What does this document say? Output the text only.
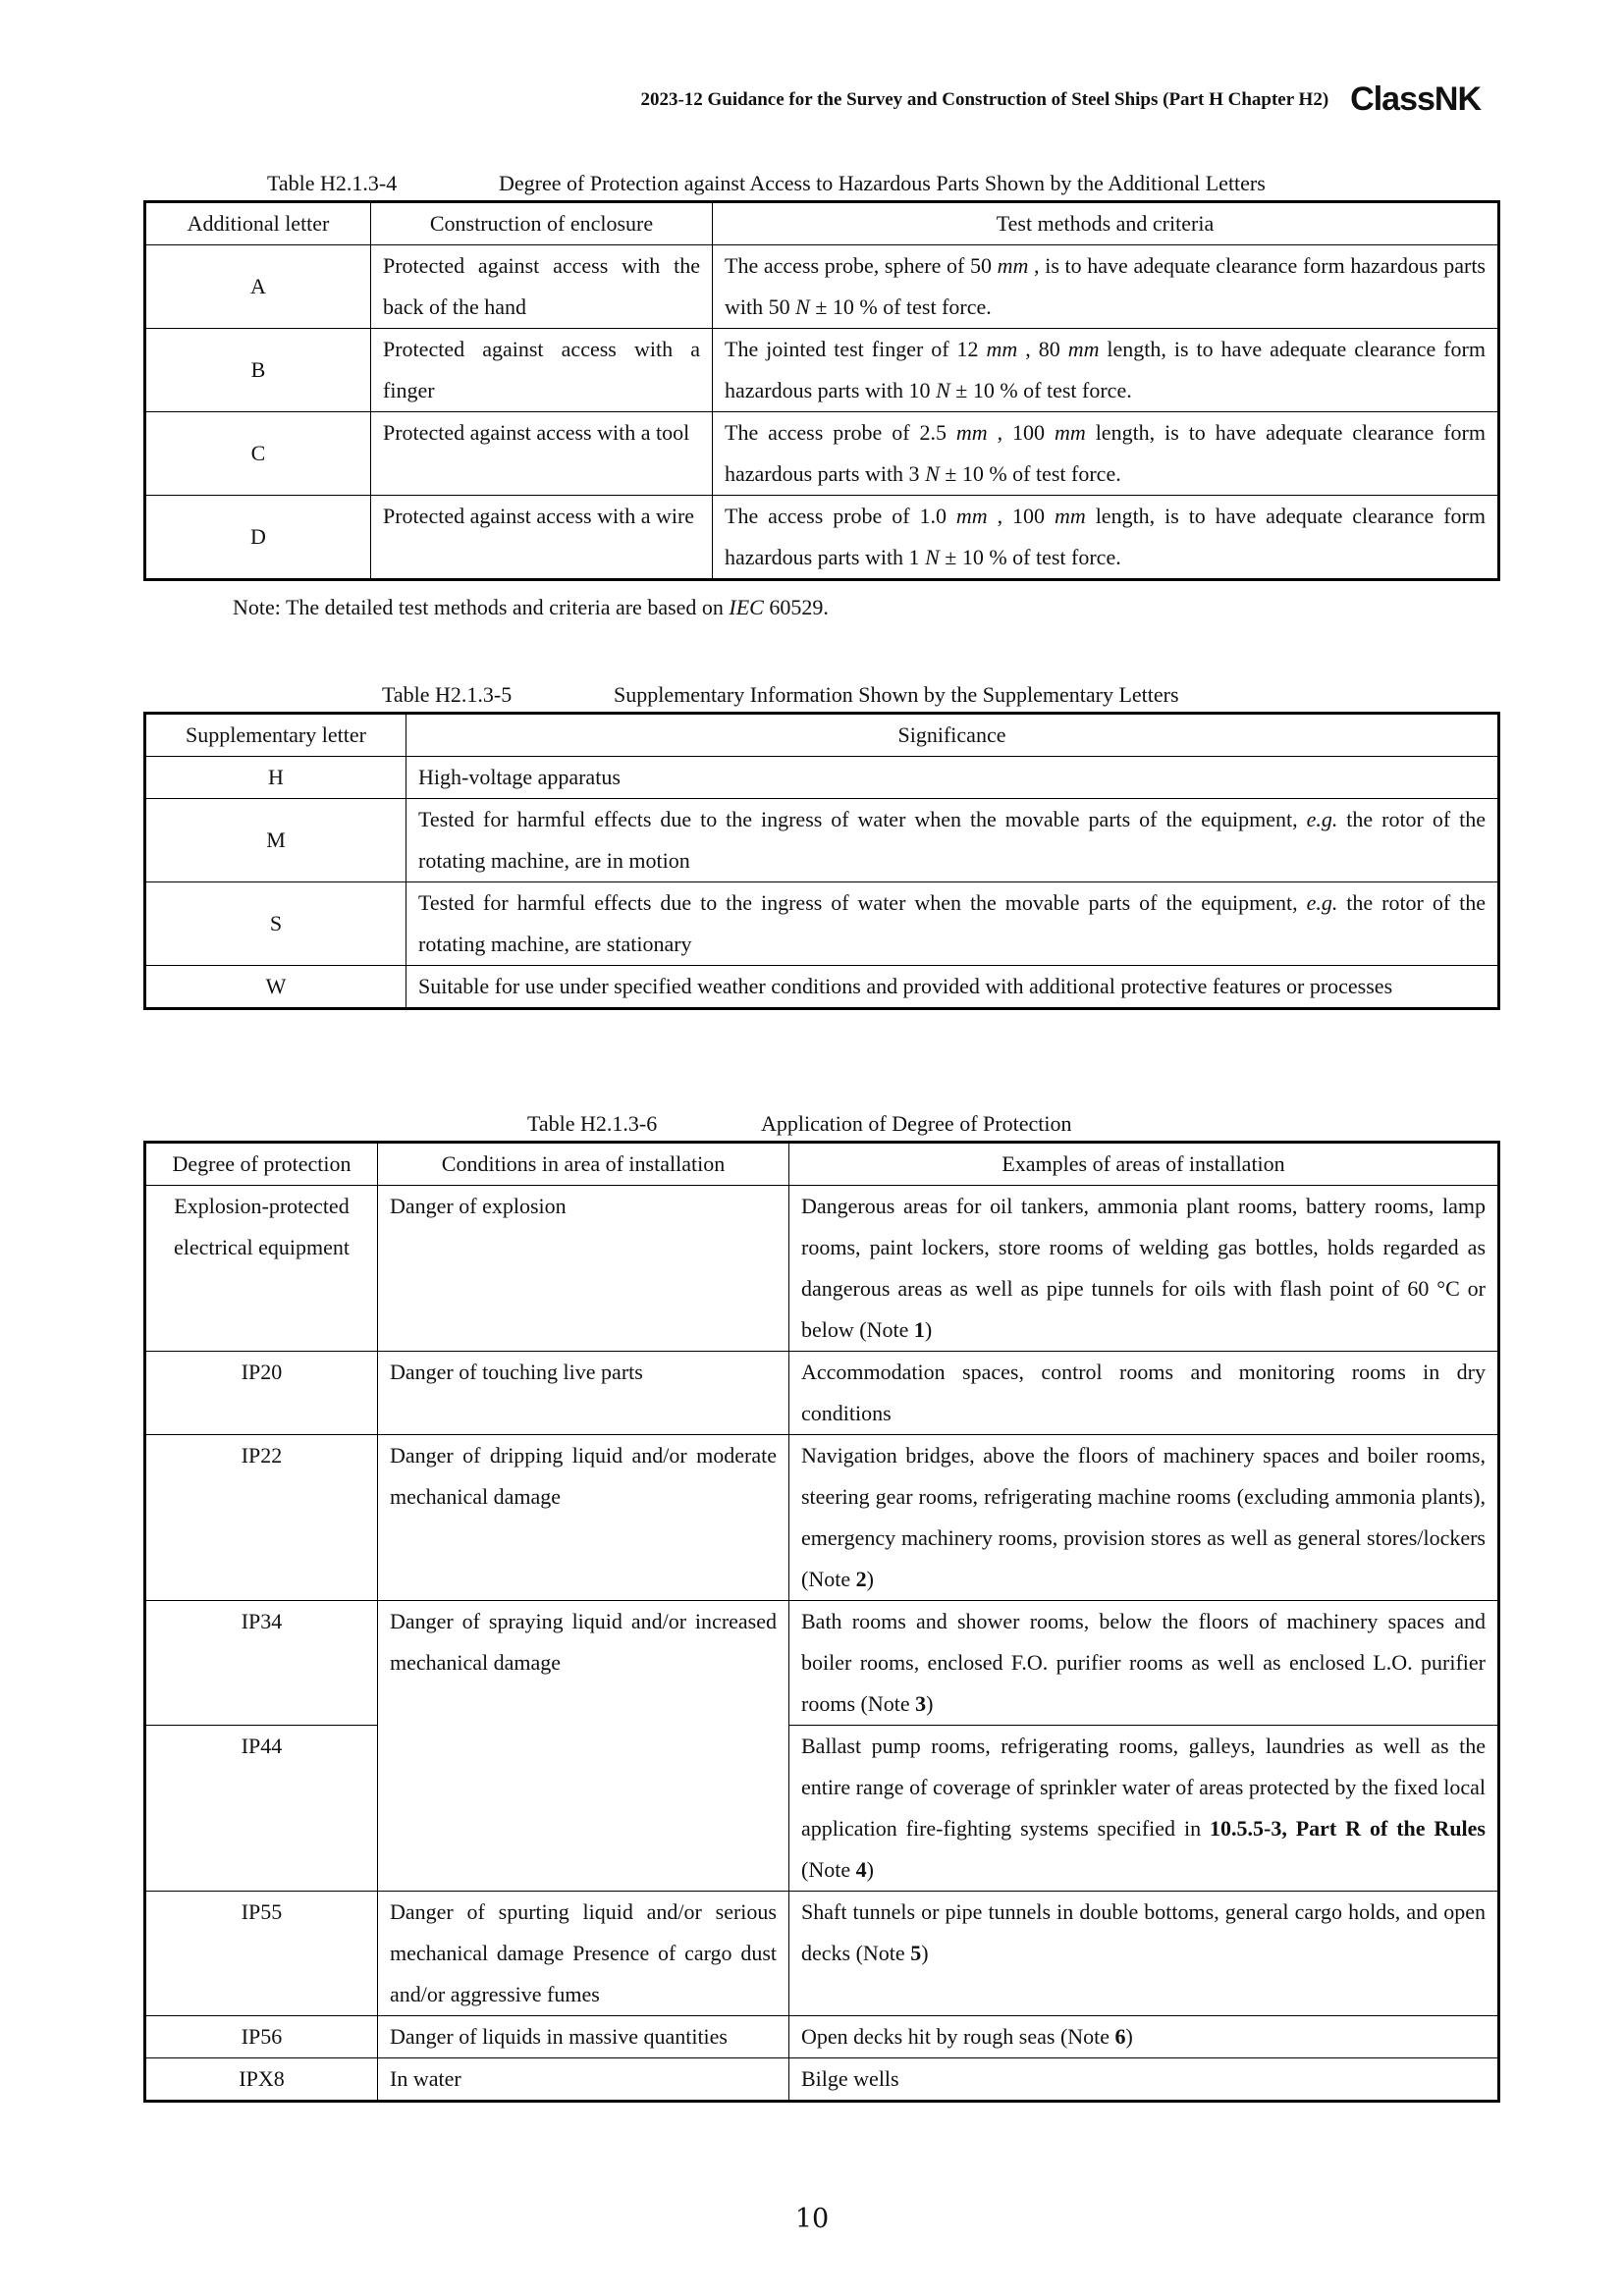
2023-12 Guidance for the Survey and Construction of Steel Ships (Part H Chapter H2) ClassNK
Table H2.1.3-4	Degree of Protection against Access to Hazardous Parts Shown by the Additional Letters
Additional letter	Construction of enclosure	Test methods and criteria
A	Protected against access with the back of the hand	The access probe, sphere of 50 mm , is to have adequate clearance form hazardous parts with 50 N ± 10 % of test force.
B	Protected against access with a finger	The jointed test finger of 12 mm , 80 mm length, is to have adequate clearance form hazardous parts with 10 N ± 10 % of test force.
C	Protected against access with a tool	The access probe of 2.5 mm , 100 mm length, is to have adequate clearance form hazardous parts with 3 N ± 10 % of test force.
D	Protected against access with a wire	The access probe of 1.0 mm , 100 mm length, is to have adequate clearance form hazardous parts with 1 N ± 10 % of test force.
Note: The detailed test methods and criteria are based on IEC 60529.
Table H2.1.3-5	Supplementary Information Shown by the Supplementary Letters
Supplementary letter	Significance
H	High-voltage apparatus
M	Tested for harmful effects due to the ingress of water when the movable parts of the equipment, e.g. the rotor of the rotating machine, are in motion
S	Tested for harmful effects due to the ingress of water when the movable parts of the equipment, e.g. the rotor of the rotating machine, are stationary
W	Suitable for use under specified weather conditions and provided with additional protective features or processes
Table H2.1.3-6	Application of Degree of Protection
Degree of protection	Conditions in area of installation	Examples of areas of installation
Explosion-protected electrical equipment	Danger of explosion	Dangerous areas for oil tankers, ammonia plant rooms, battery rooms, lamp rooms, paint lockers, store rooms of welding gas bottles, holds regarded as dangerous areas as well as pipe tunnels for oils with flash point of 60 °C or below (Note 1)
IP20	Danger of touching live parts	Accommodation spaces, control rooms and monitoring rooms in dry conditions
IP22	Danger of dripping liquid and/or moderate mechanical damage	Navigation bridges, above the floors of machinery spaces and boiler rooms, steering gear rooms, refrigerating machine rooms (excluding ammonia plants), emergency machinery rooms, provision stores as well as general stores/lockers (Note 2)
IP34	Danger of spraying liquid and/or increased mechanical damage	Bath rooms and shower rooms, below the floors of machinery spaces and boiler rooms, enclosed F.O. purifier rooms as well as enclosed L.O. purifier rooms (Note 3)
IP44		Ballast pump rooms, refrigerating rooms, galleys, laundries as well as the entire range of coverage of sprinkler water of areas protected by the fixed local application fire-fighting systems specified in 10.5.5-3, Part R of the Rules (Note 4)
IP55	Danger of spurting liquid and/or serious mechanical damage Presence of cargo dust and/or aggressive fumes	Shaft tunnels or pipe tunnels in double bottoms, general cargo holds, and open decks (Note 5)
IP56	Danger of liquids in massive quantities	Open decks hit by rough seas (Note 6)
IPX8	In water	Bilge wells
10
